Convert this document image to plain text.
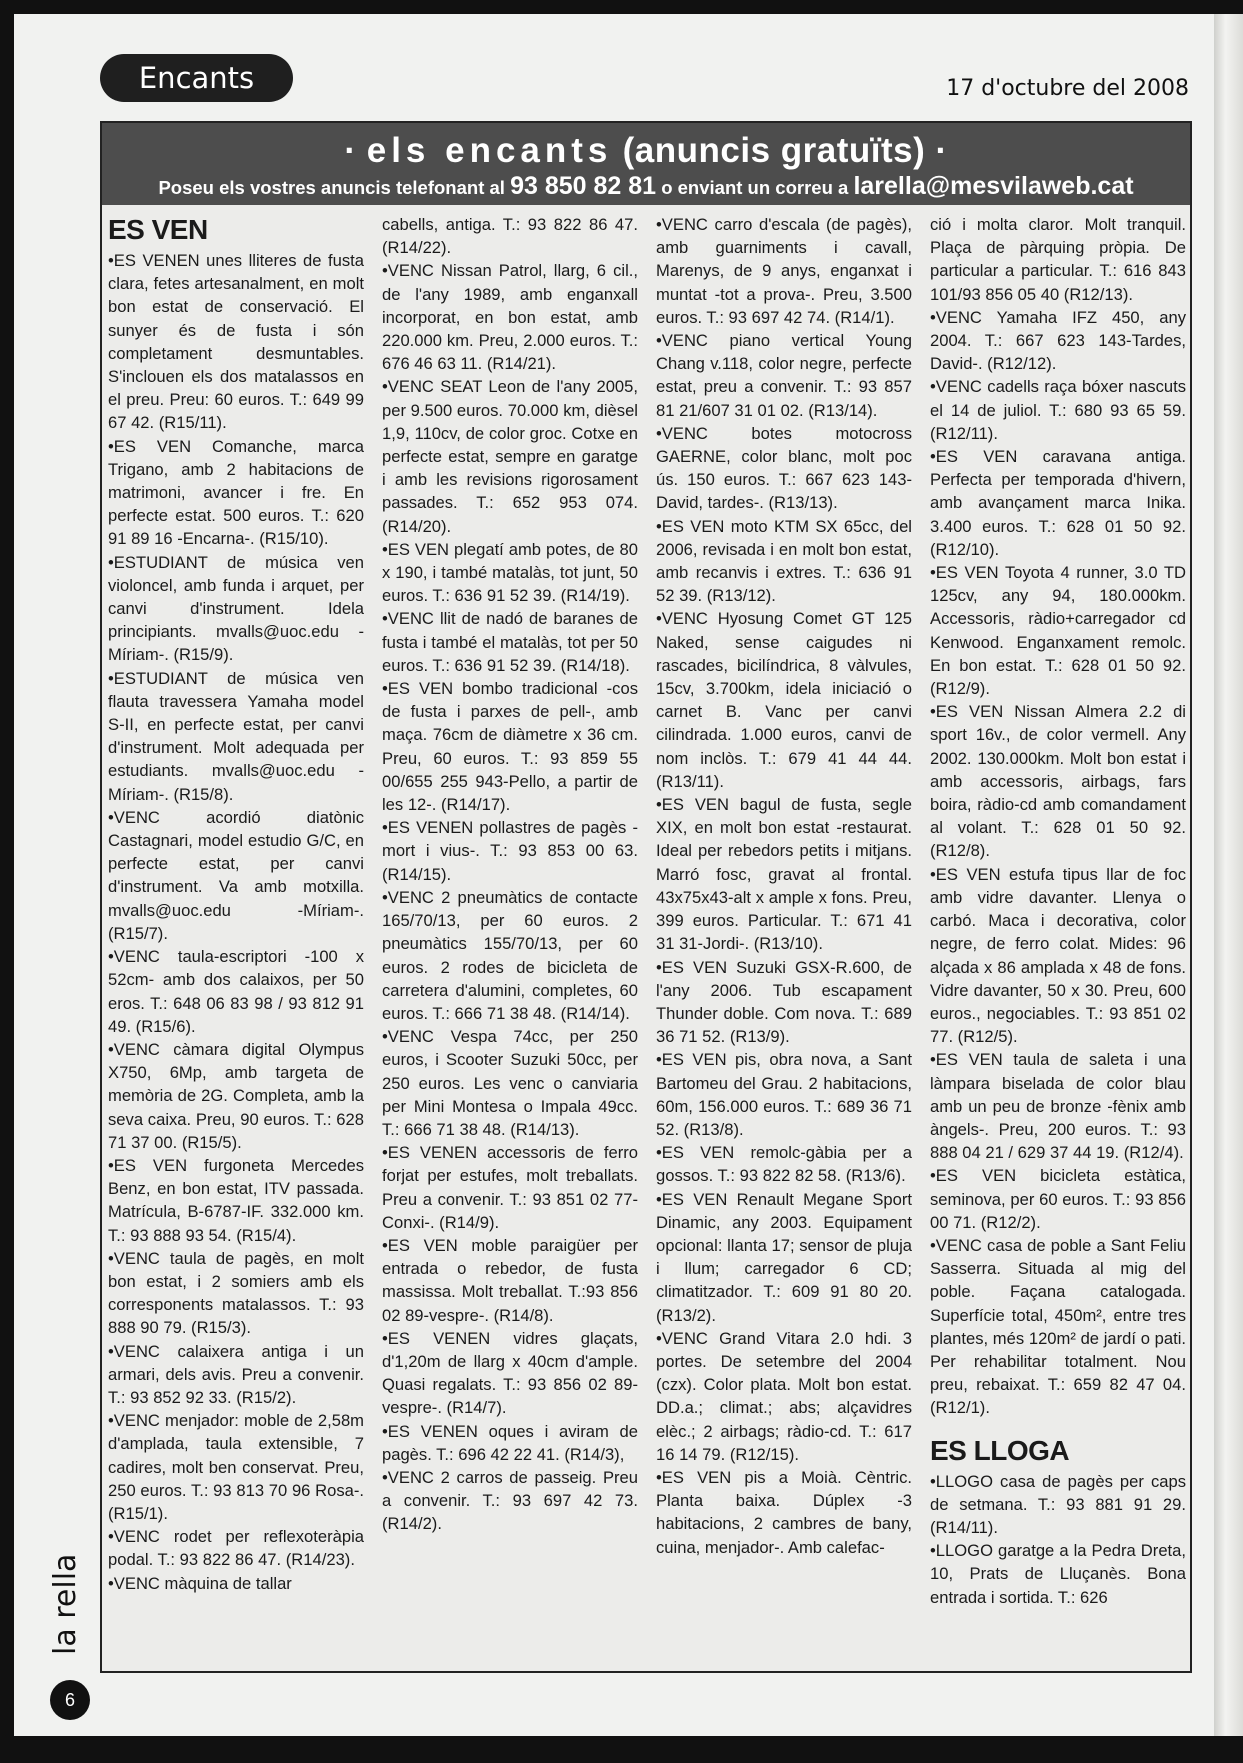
Encants	17 d'octubre del 2008
· els encants (anuncis gratuïts) ·
Poseu els vostres anuncis telefonant al 93 850 82 81 o enviant un correu a larella@mesvilaweb.cat
ES VEN

•ES VENEN unes lliteres de fusta clara, fetes artesanalment, en molt bon estat de conservació. El sunyer és de fusta i són completament desmuntables. S'inclouen els dos matalassos en el preu. Preu: 60 euros. T.: 649 99 67 42. (R15/11).

•ES VEN Comanche, marca Trigano, amb 2 habitacions de matrimoni, avancer i fre. En perfecte estat. 500 euros. T.: 620 91 89 16 -Encarna-. (R15/10).

•ESTUDIANT de música ven violoncel, amb funda i arquet, per canvi d'instrument. Idela principiants. mvalls@uoc.edu -Míriam-. (R15/9).

•ESTUDIANT de música ven flauta travessera Yamaha model S-II, en perfecte estat, per canvi d'instrument. Molt adequada per estudiants. mvalls@uoc.edu -Míriam-. (R15/8).

•VENC acordió diatònic Castagnari, model estudio G/C, en perfecte estat, per canvi d'instrument. Va amb motxilla. mvalls@uoc.edu -Míriam-. (R15/7).

•VENC taula-escriptori -100 x 52cm- amb dos calaixos, per 50 eros. T.: 648 06 83 98 / 93 812 91 49. (R15/6).

•VENC càmara digital Olympus X750, 6Mp, amb targeta de memòria de 2G. Completa, amb la seva caixa. Preu, 90 euros. T.: 628 71 37 00. (R15/5).

•ES VEN furgoneta Mercedes Benz, en bon estat, ITV passada. Matrícula, B-6787-IF. 332.000 km. T.: 93 888 93 54. (R15/4).

•VENC taula de pagès, en molt bon estat, i 2 somiers amb els corresponents matalassos. T.: 93 888 90 79. (R15/3).

•VENC calaixera antiga i un armari, dels avis. Preu a convenir. T.: 93 852 92 33. (R15/2).

•VENC menjador: moble de 2,58m d'amplada, taula extensible, 7 cadires, molt ben conservat. Preu, 250 euros. T.: 93 813 70 96 Rosa-. (R15/1).

•VENC rodet per reflexoteràpia podal. T.: 93 822 86 47. (R14/23).

•VENC màquina de tallar

cabells, antiga. T.: 93 822 86 47. (R14/22).

•VENC Nissan Patrol, llarg, 6 cil., de l'any 1989, amb enganxall incorporat, en bon estat, amb 220.000 km. Preu, 2.000 euros. T.: 676 46 63 11. (R14/21).

•VENC SEAT Leon de l'any 2005, per 9.500 euros. 70.000 km, dièsel 1,9, 110cv, de color groc. Cotxe en perfecte estat, sempre en garatge i amb les revisions rigorosament passades. T.: 652 953 074. (R14/20).

•ES VEN plegatí amb potes, de 80 x 190, i també matalàs, tot junt, 50 euros. T.: 636 91 52 39. (R14/19).

•VENC llit de nadó de baranes de fusta i també el matalàs, tot per 50 euros. T.: 636 91 52 39. (R14/18).

•ES VEN bombo tradicional -cos de fusta i parxes de pell-, amb maça. 76cm de diàmetre x 36 cm. Preu, 60 euros. T.: 93 859 55 00/655 255 943-Pello, a partir de les 12-. (R14/17).

•ES VENEN pollastres de pagès -mort i vius-. T.: 93 853 00 63. (R14/15).

•VENC 2 pneumàtics de contacte 165/70/13, per 60 euros. 2 pneumàtics 155/70/13, per 60 euros. 2 rodes de bicicleta de carretera d'alumini, completes, 60 euros. T.: 666 71 38 48. (R14/14).

•VENC Vespa 74cc, per 250 euros, i Scooter Suzuki 50cc, per 250 euros. Les venc o canviaria per Mini Montesa o Impala 49cc. T.: 666 71 38 48. (R14/13).

•ES VENEN accessoris de ferro forjat per estufes, molt treballats. Preu a convenir. T.: 93 851 02 77-Conxi-. (R14/9).

•ES VEN moble paraigüer per entrada o rebedor, de fusta massissa. Molt treballat. T.:93 856 02 89-vespre-. (R14/8).

•ES VENEN vidres glaçats, d'1,20m de llarg x 40cm d'ample. Quasi regalats. T.: 93 856 02 89-vespre-. (R14/7).

•ES VENEN oques i aviram de pagès. T.: 696 42 22 41. (R14/3),

•VENC 2 carros de passeig. Preu a convenir. T.: 93 697 42 73. (R14/2).

•VENC carro d'escala (de pagès), amb guarniments i cavall, Marenys, de 9 anys, enganxat i muntat -tot a prova-. Preu, 3.500 euros. T.: 93 697 42 74. (R14/1).

•VENC piano vertical Young Chang v.118, color negre, perfecte estat, preu a convenir. T.: 93 857 81 21/607 31 01 02. (R13/14).

•VENC botes motocross GAERNE, color blanc, molt poc ús. 150 euros. T.: 667 623 143-David, tardes-. (R13/13).

•ES VEN moto KTM SX 65cc, del 2006, revisada i en molt bon estat, amb recanvis i extres. T.: 636 91 52 39. (R13/12).

•VENC Hyosung Comet GT 125 Naked, sense caigudes ni rascades, bicilíndrica, 8 vàlvules, 15cv, 3.700km, idela iniciació o carnet B. Vanc per canvi cilindrada. 1.000 euros, canvi de nom inclòs. T.: 679 41 44 44. (R13/11).

•ES VEN bagul de fusta, segle XIX, en molt bon estat -restaurat. Ideal per rebedors petits i mitjans. Marró fosc, gravat al frontal. 43x75x43-alt x ample x fons. Preu, 399 euros. Particular. T.: 671 41 31 31-Jordi-. (R13/10).

•ES VEN Suzuki GSX-R.600, de l'any 2006. Tub escapament Thunder doble. Com nova. T.: 689 36 71 52. (R13/9).

•ES VEN pis, obra nova, a Sant Bartomeu del Grau. 2 habitacions, 60m, 156.000 euros. T.: 689 36 71 52. (R13/8).

•ES VEN remolc-gàbia per a gossos. T.: 93 822 82 58. (R13/6).

•ES VEN Renault Megane Sport Dinamic, any 2003. Equipament opcional: llanta 17; sensor de pluja i llum; carregador 6 CD; climatitzador. T.: 609 91 80 20. (R13/2).

•VENC Grand Vitara 2.0 hdi. 3 portes. De setembre del 2004 (czx). Color plata. Molt bon estat. DD.a.; climat.; abs; alçavidres elèc.; 2 airbags; ràdio-cd. T.: 617 16 14 79. (R12/15).

•ES VEN pis a Moià. Cèntric. Planta baixa. Dúplex -3 habitacions, 2 cambres de bany, cuina, menjador-. Amb calefac-

ció i molta claror. Molt tranquil. Plaça de pàrquing pròpia. De particular a particular. T.: 616 843 101/93 856 05 40 (R12/13).

•VENC Yamaha IFZ 450, any 2004. T.: 667 623 143-Tardes, David-. (R12/12).

•VENC cadells raça bóxer nascuts el 14 de juliol. T.: 680 93 65 59. (R12/11).

•ES VEN caravana antiga. Perfecta per temporada d'hivern, amb avançament marca Inika. 3.400 euros. T.: 628 01 50 92. (R12/10).

•ES VEN Toyota 4 runner, 3.0 TD 125cv, any 94, 180.000km. Accessoris, ràdio+carregador cd Kenwood. Enganxament remolc. En bon estat. T.: 628 01 50 92. (R12/9).

•ES VEN Nissan Almera 2.2 di sport 16v., de color vermell. Any 2002. 130.000km. Molt bon estat i amb accessoris, airbags, fars boira, ràdio-cd amb comandament al volant. T.: 628 01 50 92. (R12/8).

•ES VEN estufa tipus llar de foc amb vidre davanter. Llenya o carbó. Maca i decorativa, color negre, de ferro colat. Mides: 96 alçada x 86 amplada x 48 de fons. Vidre davanter, 50 x 30. Preu, 600 euros., negociables. T.: 93 851 02 77. (R12/5).

•ES VEN taula de saleta i una làmpara biselada de color blau amb un peu de bronze -fènix amb àngels-. Preu, 200 euros. T.: 93 888 04 21 / 629 37 44 19. (R12/4).

•ES VEN bicicleta estàtica, seminova, per 60 euros. T.: 93 856 00 71. (R12/2).

•VENC casa de poble a Sant Feliu Sasserra. Situada al mig del poble. Façana catalogada. Superfície total, 450m², entre tres plantes, més 120m² de jardí o pati. Per rehabilitar totalment. Nou preu, rebaixat. T.: 659 82 47 04. (R12/1).

ES LLOGA

•LLOGO casa de pagès per caps de setmana. T.: 93 881 91 29. (R14/11).

•LLOGO garatge a la Pedra Dreta, 10, Prats de Lluçanès. Bona entrada i sortida. T.: 626

la rella
6
